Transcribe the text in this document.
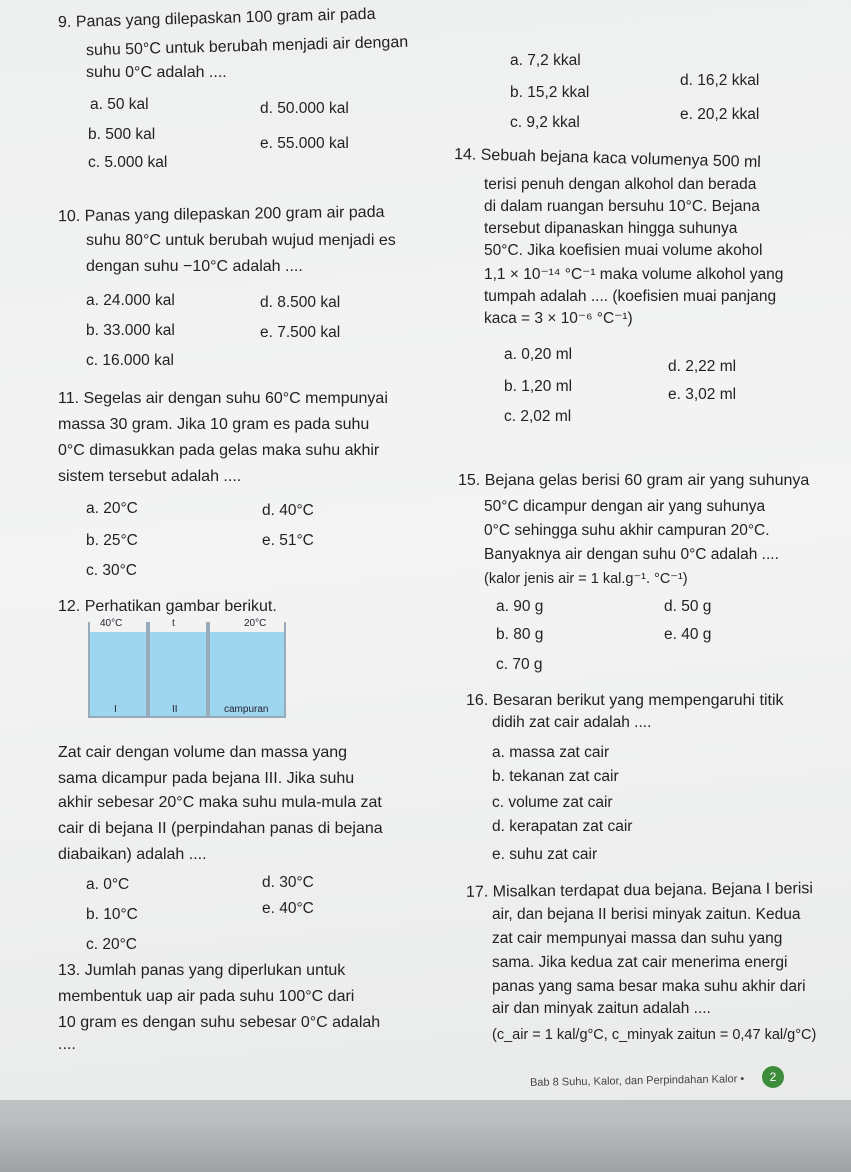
9. Panas yang dilepaskan 100 gram air pada
suhu 50°C untuk berubah menjadi air dengan
suhu 0°C adalah ....
a. 50 kal	d. 50.000 kal
b. 500 kal
e. 55.000 kal
c. 5.000 kal
a. 7,2 kkal
d. 16,2 kkal
b. 15,2 kkal
e. 20,2 kkal
c. 9,2 kkal
14. Sebuah bejana kaca volumenya 500 ml
terisi penuh dengan alkohol dan berada
di dalam ruangan bersuhu 10°C. Bejana
tersebut dipanaskan hingga suhunya
50°C. Jika koefisien muai volume akohol
1,1 × 10⁻¹⁴ °C⁻¹ maka volume alkohol yang
tumpah adalah .... (koefisien muai panjang
kaca = 3 × 10⁻⁶ °C⁻¹)
a. 0,20 ml
d. 2,22 ml
b. 1,20 ml	e. 3,02 ml
c. 2,02 ml
10. Panas yang dilepaskan 200 gram air pada
suhu 80°C untuk berubah wujud menjadi es
dengan suhu −10°C adalah ....
a. 24.000 kal	d. 8.500 kal
b. 33.000 kal	e. 7.500 kal
c. 16.000 kal
11. Segelas air dengan suhu 60°C mempunyai
massa 30 gram. Jika 10 gram es pada suhu
0°C dimasukkan pada gelas maka suhu akhir
sistem tersebut adalah ....
a. 20°C	d. 40°C
b. 25°C	e. 51°C
c. 30°C
15. Bejana gelas berisi 60 gram air yang suhunya
50°C dicampur dengan air yang suhunya
0°C sehingga suhu akhir campuran 20°C.
Banyaknya air dengan suhu 0°C adalah ....
(kalor jenis air = 1 kal.g⁻¹. °C⁻¹)
a. 90 g	d. 50 g
b. 80 g	e. 40 g
c. 70 g
12. Perhatikan gambar berikut.
40°C	t	20°C
I	II	campuran
Zat cair dengan volume dan massa yang
sama dicampur pada bejana III. Jika suhu
akhir sebesar 20°C maka suhu mula-mula zat
cair di bejana II (perpindahan panas di bejana
diabaikan) adalah ....
a. 0°C	d. 30°C
b. 10°C	e. 40°C
c. 20°C
16. Besaran berikut yang mempengaruhi titik
didih zat cair adalah ....
a. massa zat cair
b. tekanan zat cair
c. volume zat cair
d. kerapatan zat cair
e. suhu zat cair
17. Misalkan terdapat dua bejana. Bejana I berisi
air, dan bejana II berisi minyak zaitun. Kedua
zat cair mempunyai massa dan suhu yang
sama. Jika kedua zat cair menerima energi
panas yang sama besar maka suhu akhir dari
air dan minyak zaitun adalah ....
(c_air = 1 kal/g°C, c_minyak zaitun = 0,47 kal/g°C)
13. Jumlah panas yang diperlukan untuk
membentuk uap air pada suhu 100°C dari
10 gram es dengan suhu sebesar 0°C adalah
....
Bab 8 Suhu, Kalor, dan Perpindahan Kalor •	2
